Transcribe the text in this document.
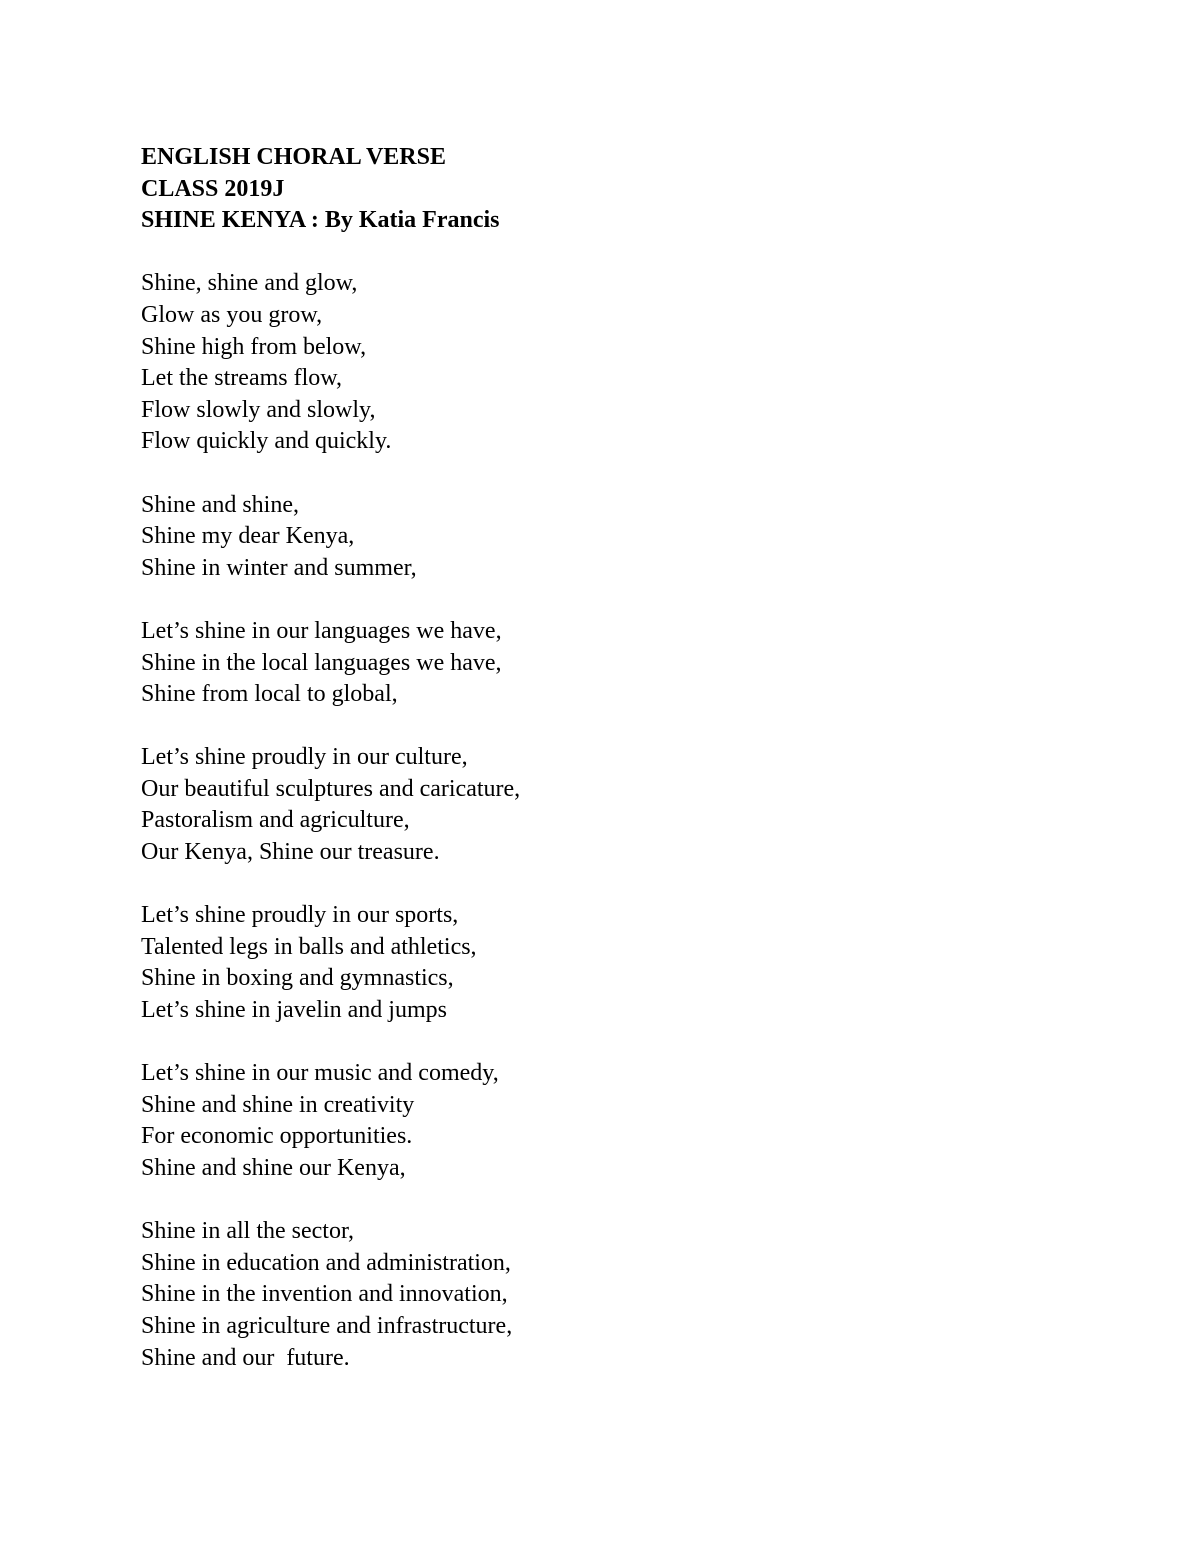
ENGLISH CHORAL VERSE

CLASS 2019J

SHINE KENYA : By Katia Francis

Shine, shine and glow,

Glow as you grow,

Shine high from below,

Let the streams flow,

Flow slowly and slowly,

Flow quickly and quickly.

Shine and shine,

Shine my dear Kenya,

Shine in winter and summer,

Let’s shine in our languages we have,

Shine in the local languages we have,

Shine from local to global,

Let’s shine proudly in our culture,

Our beautiful sculptures and caricature,

Pastoralism and agriculture,

Our Kenya, Shine our treasure.

Let’s shine proudly in our sports,

Talented legs in balls and athletics,

Shine in boxing and gymnastics,

Let’s shine in javelin and jumps

Let’s shine in our music and comedy,

Shine and shine in creativity

For economic opportunities.

Shine and shine our Kenya,

Shine in all the sector,

Shine in education and administration,

Shine in the invention and innovation,

Shine in agriculture and infrastructure,

Shine and our  future.
